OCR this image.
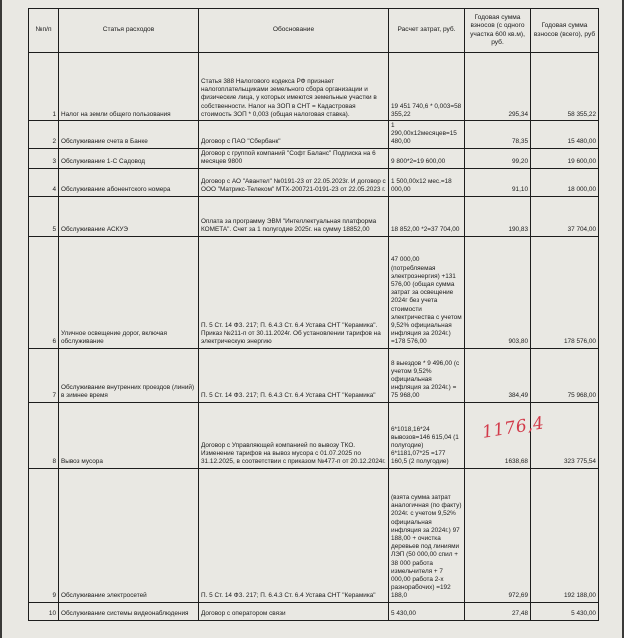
№п/п	Статья расходов	Обоснование	Расчет затрат, руб.	Годовая сумма взносов (с одного участка 600 кв.м), руб.	Годовая сумма взносов (всего), руб
1	Налог на земли общего пользования	Статья 388 Налогового кодекса РФ признает налогоплательщиками земельного сбора организации и физические лица, у которых имеются земельные участки в собственности. Налог на ЗОП в СНТ = Кадастровая стоимость ЗОП * 0,003 (общая налоговая ставка).	19 451 740,6 * 0,003=58 355,22	295,34	58 355,22
2	Обслуживание счета в Банке	Договор с ПАО "Сбербанк"	1 290,00x12месяцев=15 480,00	78,35	15 480,00
3	Обслуживание 1-С Садовод	Договор с группой компаний "Софт Баланс" Подписка на 6 месяцев 9800	9 800*2=19 600,00	99,20	19 600,00
4	Обслуживание абонентского номера	Договор с АО "Авантел" №0191-23 от 22.05.2023г. И договор с ООО "Матрикс-Телеком" МТХ-200721-0191-23 от 22.05.2023 г.	1 500,00x12 мес.=18 000,00	91,10	18 000,00
5	Обслуживание АСКУЭ	Оплата за программу ЭВМ "Интеллектуальная платформа КОМЕТА". Счет за 1 полугодие 2025г. на сумму 18852,00	18 852,00 *2=37 704,00	190,83	37 704,00
6	Уличное освещение дорог, включая обслуживание	П. 5 Ст. 14 ФЗ. 217; П. 6.4.3 Ст. 6.4 Устава СНТ "Керамика". Приказ №211-п от 30.11.2024г. Об установлении тарифов на электрическую энергию	47 000,00 (потребляемая электроэнергия) +131 576,00 (общая сумма затрат за освещение 2024г без учета стоимости электричества с учетом 9,52% официальная инфляция за 2024г.) =178 576,00	903,80	178 576,00
7	Обслуживание внутренних проездов (линий) в зимнее время	П. 5 Ст. 14 ФЗ. 217; П. 6.4.3 Ст. 6.4 Устава СНТ "Керамика"	8 выездов * 9 496,00 (с учетом 9,52% официальная инфляция за 2024г.) = 75 968,00	384,49	75 968,00
8	Вывоз мусора	Договор с Управляющей компанией по вывозу ТКО. Изменение тарифов на вывоз мусора с 01.07.2025 по 31.12.2025, в соответствии с приказом №477-п от 20.12.2024г.	6*1018,16*24 вывозов=146 615,04 (1 полугодие) 6*1181,07*25 =177 160,5 (2 полугодие)	1638,68	323 775,54
9	Обслуживание электросетей	П. 5 Ст. 14 ФЗ. 217; П. 6.4.3 Ст. 6.4 Устава СНТ "Керамика"	(взята сумма затрат аналогичная (по факту) 2024г. с учетом 9,52% официальная инфляция за 2024г.) 97 188,00 + очистка деревьев под линиями ЛЭП (50 000,00 спил + 38 000 работа измельчителя + 7 000,00 работа 2-х разнорабочих) =192 188,0	972,69	192 188,00
10	Обслуживание системы видеонаблюдения	Договор с оператором связи	5 430,00	27,48	5 430,00
1176,4
